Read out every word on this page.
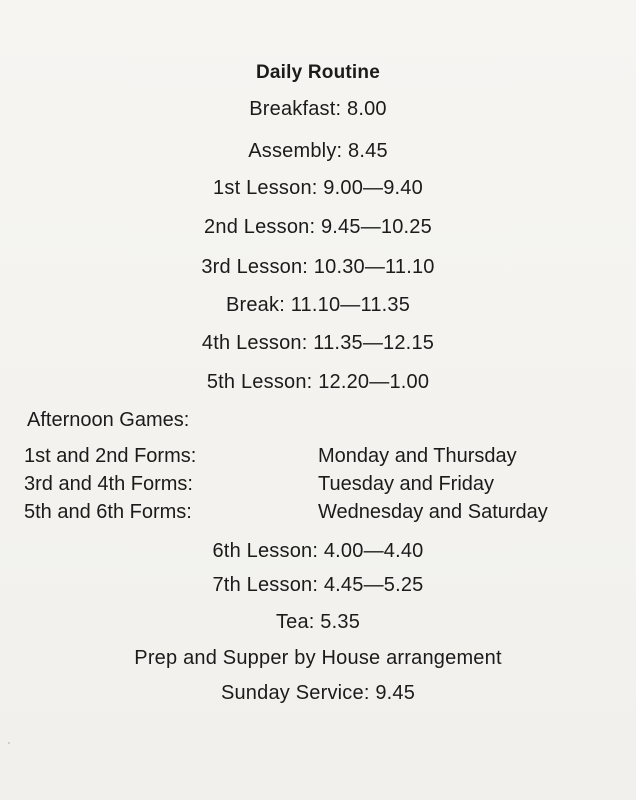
Daily Routine
Breakfast: 8.00
Assembly: 8.45
1st Lesson: 9.00—9.40
2nd Lesson: 9.45—10.25
3rd Lesson: 10.30—11.10
Break: 11.10—11.35
4th Lesson: 11.35—12.15
5th Lesson: 12.20—1.00
Afternoon Games:
1st and 2nd Forms:	Monday and Thursday
3rd and 4th Forms:	Tuesday and Friday
5th and 6th Forms:	Wednesday and Saturday
6th Lesson: 4.00—4.40
7th Lesson: 4.45—5.25
Tea: 5.35
Prep and Supper by House arrangement
Sunday Service: 9.45
